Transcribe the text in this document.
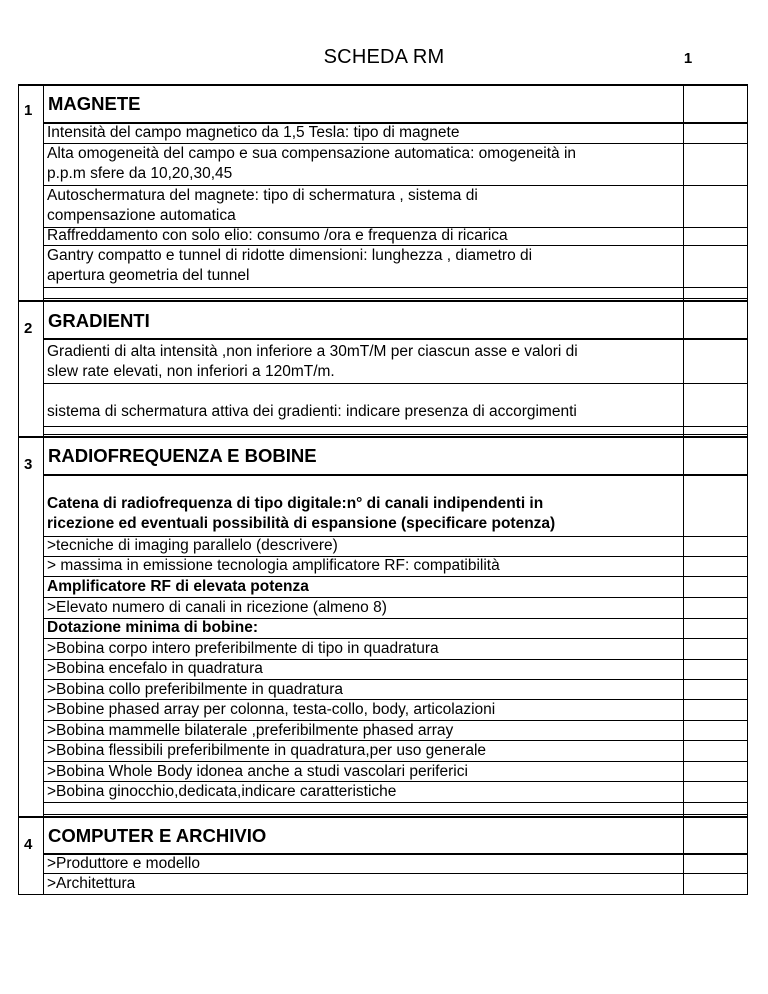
SCHEDA RM	1
1 MAGNETE
Intensità del campo magnetico da 1,5 Tesla: tipo di magnete
Alta omogeneità del campo e sua compensazione automatica: omogeneità in
p.p.m sfere da 10,20,30,45
Autoschermatura del magnete: tipo di schermatura , sistema di
compensazione automatica
Raffreddamento con solo elio: consumo /ora e frequenza di ricarica
Gantry compatto e tunnel di ridotte dimensioni: lunghezza , diametro di
apertura geometria del tunnel
2 GRADIENTI
Gradienti di alta intensità ,non inferiore a 30mT/M per ciascun asse e valori di
slew rate elevati, non inferiori a 120mT/m.
sistema di schermatura attiva dei gradienti: indicare presenza di accorgimenti
3 RADIOFREQUENZA E BOBINE
Catena di radiofrequenza di tipo digitale:n° di canali indipendenti in
ricezione ed eventuali possibilità di espansione (specificare potenza)
>tecniche di imaging parallelo (descrivere)
> massima in emissione tecnologia amplificatore RF: compatibilità
Amplificatore RF di elevata potenza
>Elevato numero di canali in ricezione (almeno 8)
Dotazione minima di bobine:
>Bobina corpo intero preferibilmente di tipo in quadratura
>Bobina encefalo in quadratura
>Bobina collo preferibilmente in quadratura
>Bobine phased array per colonna, testa-collo, body, articolazioni
>Bobina mammelle bilaterale ,preferibilmente phased array
>Bobina flessibili preferibilmente in quadratura,per uso generale
>Bobina Whole Body idonea anche a studi vascolari periferici
>Bobina ginocchio,dedicata,indicare caratteristiche
4 COMPUTER E ARCHIVIO
>Produttore e modello
>Architettura
